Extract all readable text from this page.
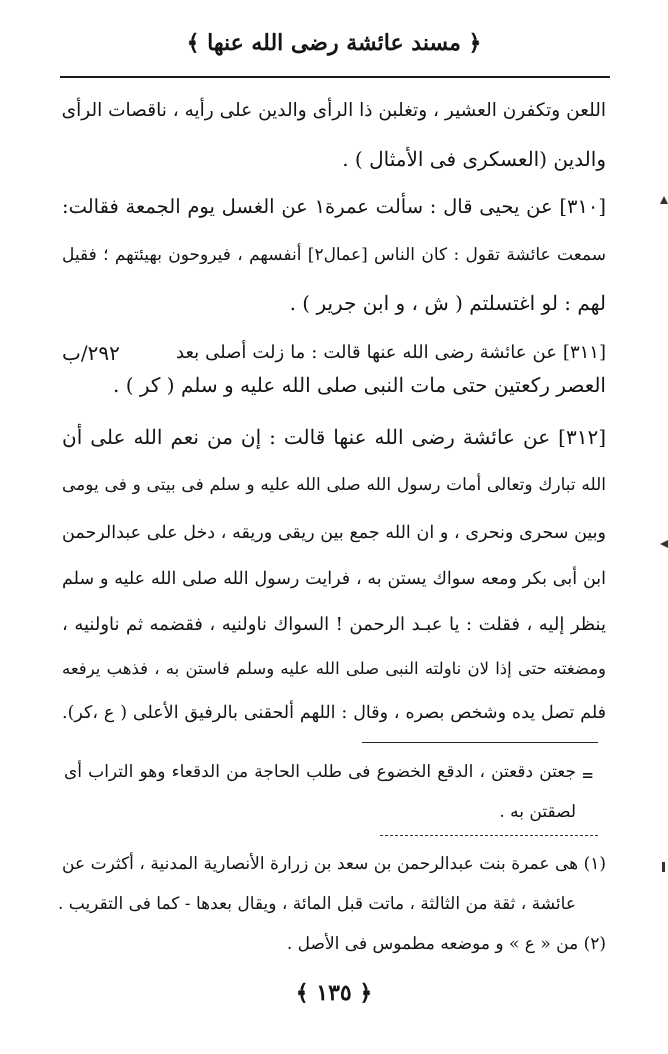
﴿ مسند عائشة رضى الله عنها ﴾
اللعن وتكفرن العشير ، وتغلبن ذا الرأى والدين على رأيه ، ناقصات الرأى
والدين (العسكرى فى الأمثال ) .
[٣١٠] عن يحيى قال : سألت عمرة١ عن الغسل يوم الجمعة فقالت:
سمعت عائشة تقول : كان الناس [عمال٢] أنفسهم ، فيروحون بهيئتهم ؛ فقيل
لهم : لو اغتسلتم ( ش ، و ابن جرير ) .
٢٩٢/ب	[٣١١] عن عائشة رضى الله عنها قالت : ما زلت أصلى بعد
العصر ركعتين حتى مات النبى صلى الله عليه و سلم ( كر ) .
[٣١٢] عن عائشة رضى الله عنها قالت : إن من نعم الله على أن
الله تبارك وتعالى أمات رسول الله صلى الله عليه و سلم فى بيتى و فى يومى
وبين سحرى ونحرى ، و ان الله جمع بين ريقى وريقه ، دخل على عبدالرحمن
ابن أبى بكر ومعه سواك يستن به ، فرايت رسول الله صلى الله عليه و سلم
ينظر إليه ، فقلت : يا عبـد الرحمن ! السواك ناولنيه ، فقضمه ثم ناولنيه ،
ومضغته حتى إذا لان ناولته النبى صلى الله عليه وسلم فاستن به ، فذهب يرفعه
فلم تصل يده وشخص بصره ، وقال : اللهم ألحقنى بالرفيق الأعلى ( ع ،كر).
=
جعتن دقعتن ، الدقع الخضوع فى طلب الحاجة من الدقعاء وهو التراب أى
لصقتن به .
(١) هى عمرة بنت عبدالرحمن بن سعد بن زرارة الأنصارية المدنية ، أكثرت عن
عائشة ، ثقة من الثالثة ، ماتت قبل المائة ، ويقال بعدها - كما فى التقريب .
(٢) من « ع » و موضعه مطموس فى الأصل .
﴿ ١٣٥ ﴾
